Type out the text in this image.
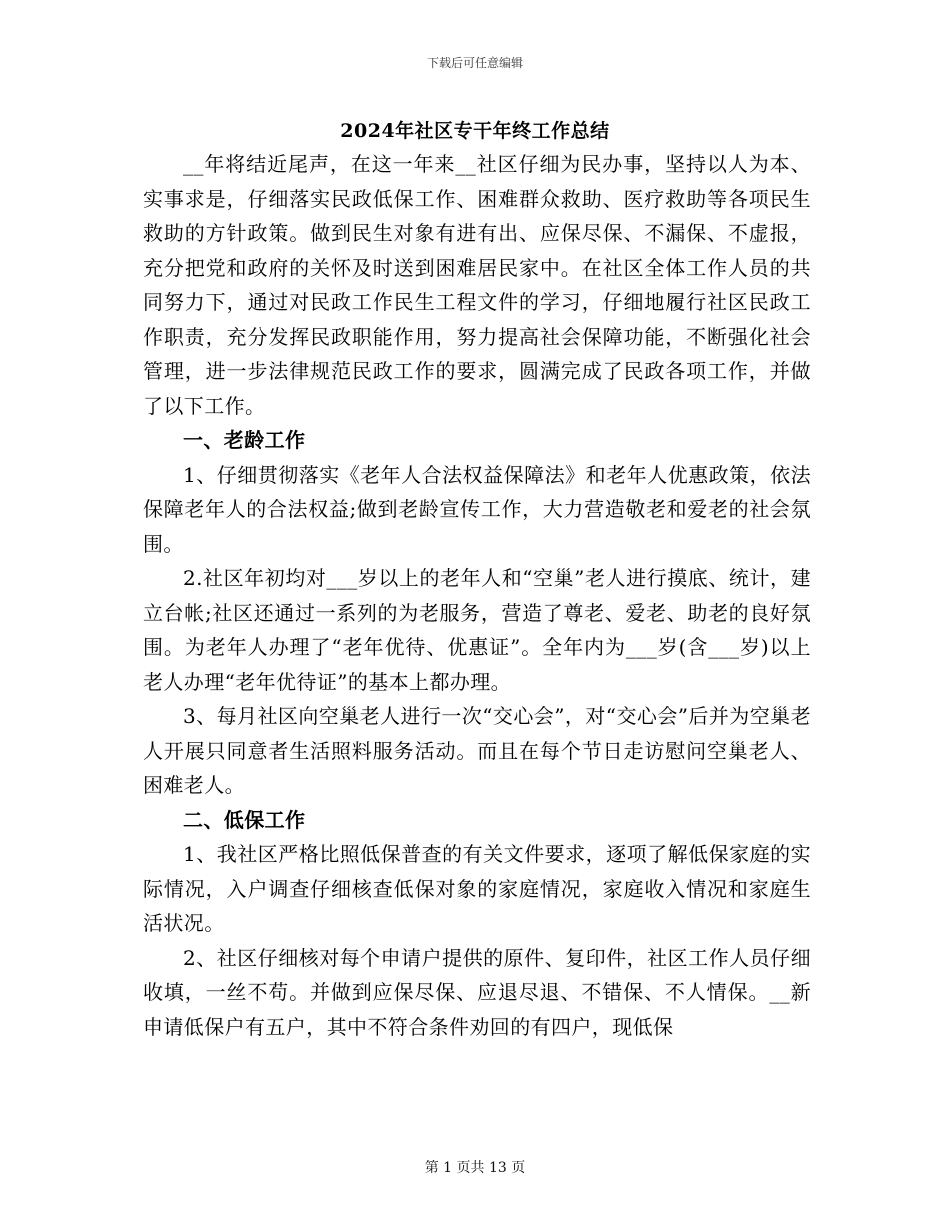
下载后可任意编辑
2024年社区专干年终工作总结

__年将结近尾声，在这一年来__社区仔细为民办事，坚持以人为本、实事求是，仔细落实民政低保工作、困难群众救助、医疗救助等各项民生救助的方针政策。做到民生对象有进有出、应保尽保、不漏保、不虚报，充分把党和政府的关怀及时送到困难居民家中。在社区全体工作人员的共同努力下，通过对民政工作民生工程文件的学习，仔细地履行社区民政工作职责，充分发挥民政职能作用，努力提高社会保障功能，不断强化社会管理，进一步法律规范民政工作的要求，圆满完成了民政各项工作，并做了以下工作。

一、老龄工作

1、仔细贯彻落实《老年人合法权益保障法》和老年人优惠政策，依法保障老年人的合法权益;做到老龄宣传工作，大力营造敬老和爱老的社会氛围。

2.社区年初均对___岁以上的老年人和“空巢”老人进行摸底、统计，建立台帐;社区还通过一系列的为老服务，营造了尊老、爱老、助老的良好氛围。为老年人办理了“老年优待、优惠证”。全年内为___岁(含___岁)以上老人办理“老年优待证”的基本上都办理。

3、每月社区向空巢老人进行一次“交心会”，对“交心会”后并为空巢老人开展只同意者生活照料服务活动。而且在每个节日走访慰问空巢老人、困难老人。

二、低保工作

1、我社区严格比照低保普查的有关文件要求，逐项了解低保家庭的实际情况，入户调查仔细核查低保对象的家庭情况，家庭收入情况和家庭生活状况。

2、社区仔细核对每个申请户提供的原件、复印件，社区工作人员仔细收填，一丝不苟。并做到应保尽保、应退尽退、不错保、不人情保。__新申请低保户有五户，其中不符合条件劝回的有四户，现低保

第 1 页共 13 页
